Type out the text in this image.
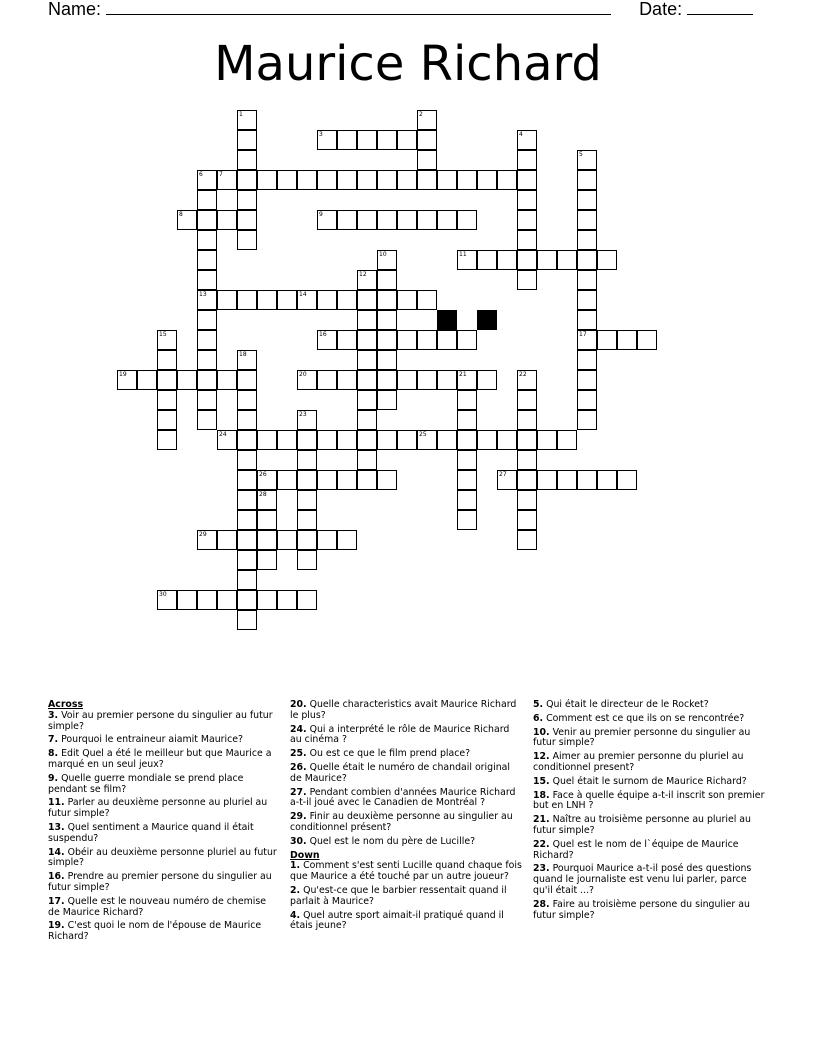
Name:	Date:
Maurice Richard
1	2
3	4
5
17
6
13
7
8	9
10	11
12
14
15	16
18
19	20	21	22
23
24	25
26	27
28
29
30
Across
3. Voir au premier persone du singulier au futur simple?
7. Pourquoi le entraineur aiamit Maurice?
8. Edit Quel a été le meilleur but que Maurice a marqué en un seul jeux?
9. Quelle guerre mondiale se prend place pendant se film?
11. Parler au deuxième personne au pluriel au futur simple?
13. Quel sentiment a Maurice quand il était suspendu?
14. Obéir au deuxième personne pluriel au futur simple?
16. Prendre au premier persone du singulier au futur simple?
17. Quelle est le nouveau numéro de chemise de Maurice Richard?
19. C'est quoi le nom de l'épouse de Maurice Richard?
20. Quelle characteristics avait Maurice Richard le plus?
24. Qui a interprété le rôle de Maurice Richard au cinéma ?
25. Ou est ce que le film prend place?
26. Quelle était le numéro de chandail original de Maurice?
27. Pendant combien d'années Maurice Richard a-t-il joué avec le Canadien de Montréal ?
29. Finir au deuxième personne au singulier au conditionnel présent?
30. Quel est le nom du père de Lucille?
Down
1. Comment s'est senti Lucille quand chaque fois que Maurice a été touché par un autre joueur?
2. Qu'est-ce que le barbier ressentait quand il parlait à Maurice?
4. Quel autre sport aimait-il pratiqué quand il étais jeune?
5. Qui était le directeur de le Rocket?
6. Comment est ce que ils on se rencontrée?
10. Venir au premier personne du singulier au futur simple?
12. Aimer au premier personne du pluriel au conditionnel present?
15. Quel était le surnom de Maurice Richard?
18. Face à quelle équipe a-t-il inscrit son premier but en LNH ?
21. Naître au troisième personne au pluriel au futur simple?
22. Quel est le nom de l`équipe de Maurice Richard?
23. Pourquoi Maurice a-t-il posé des questions quand le journaliste est venu lui parler, parce qu'il était ...?
28. Faire au troisième persone du singulier au futur simple?
